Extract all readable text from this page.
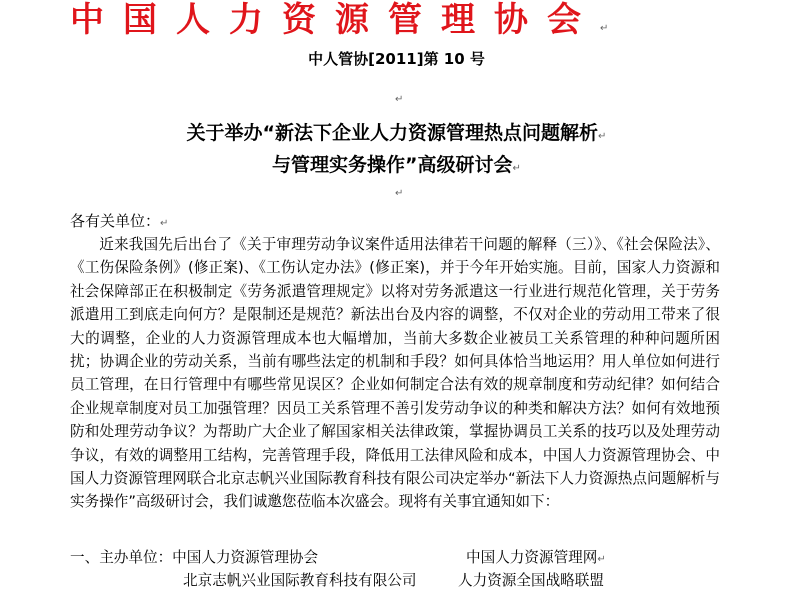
中国人力资源管理协会↵
中人管协[2011]第 10 号
↵
关于举办“新法下企业人力资源管理热点问题解析↵
与管理实务操作”高级研讨会↵
↵
各有关单位：↵
近来我国先后出台了《关于审理劳动争议案件适用法律若干问题的解释（三）》、《社会保险法》、《工伤保险条例》(修正案)、《工伤认定办法》(修正案)，并于今年开始实施。目前，国家人力资源和社会保障部正在积极制定《劳务派遣管理规定》以将对劳务派遣这一行业进行规范化管理，关于劳务派遣用工到底走向何方？是限制还是规范？新法出台及内容的调整，不仅对企业的劳动用工带来了很大的调整，企业的人力资源管理成本也大幅增加，当前大多数企业被员工关系管理的种种问题所困扰；协调企业的劳动关系，当前有哪些法定的机制和手段？如何具体恰当地运用？用人单位如何进行员工管理，在日行管理中有哪些常见误区？企业如何制定合法有效的规章制度和劳动纪律？如何结合企业规章制度对员工加强管理？因员工关系管理不善引发劳动争议的种类和解决方法？如何有效地预防和处理劳动争议？为帮助广大企业了解国家相关法律政策，掌握协调员工关系的技巧以及处理劳动争议，有效的调整用工结构，完善管理手段，降低用工法律风险和成本，中国人力资源管理协会、中国人力资源管理网联合北京志帆兴业国际教育科技有限公司决定举办“新法下人力资源热点问题解析与实务操作”高级研讨会，我们诚邀您莅临本次盛会。现将有关事宜通知如下：
一、主办单位：中国人力资源管理协会	中国人力资源管理网↵
北京志帆兴业国际教育科技有限公司	人力资源全国战略联盟
